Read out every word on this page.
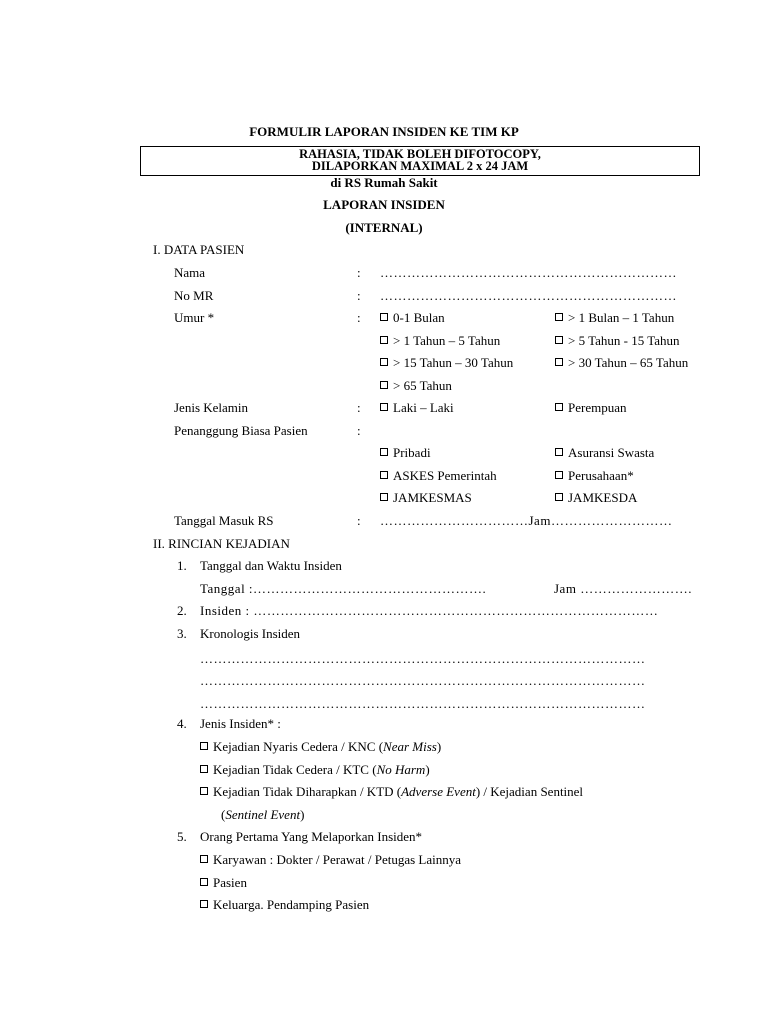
FORMULIR LAPORAN INSIDEN KE TIM KP
RAHASIA, TIDAK BOLEH DIFOTOCOPY,
DILAPORKAN MAXIMAL 2 x 24 JAM
di RS Rumah Sakit
LAPORAN INSIDEN
(INTERNAL)
I. DATA PASIEN
Nama	: …………………………………………………………
No MR	: …………………………………………………………
Umur *	:	0-1 Bulan	> 1 Bulan – 1 Tahun
> 1 Tahun – 5 Tahun	> 5 Tahun - 15 Tahun
> 15 Tahun – 30 Tahun	> 30 Tahun – 65 Tahun
> 65 Tahun
Jenis Kelamin	:	Laki – Laki	Perempuan
Penanggung Biasa Pasien	:
Pribadi	Asuransi Swasta
ASKES Pemerintah	Perusahaan*
JAMKESMAS	JAMKESDA
Tanggal Masuk RS	: ……………………………Jam………………………
II. RINCIAN KEJADIAN
1. Tanggal dan Waktu Insiden
Tanggal :…………………………………………….	Jam …………………….
2. Insiden : ………………………………………………………………………………
3. Kronologis Insiden
………………………………………………………………………………………
………………………………………………………………………………………
………………………………………………………………………………………
4. Jenis Insiden* :
Kejadian Nyaris Cedera / KNC (Near Miss)
Kejadian Tidak Cedera / KTC (No Harm)
Kejadian Tidak Diharapkan / KTD (Adverse Event) / Kejadian Sentinel
(Sentinel Event)
5. Orang Pertama Yang Melaporkan Insiden*
Karyawan : Dokter / Perawat / Petugas Lainnya
Pasien
Keluarga. Pendamping Pasien
